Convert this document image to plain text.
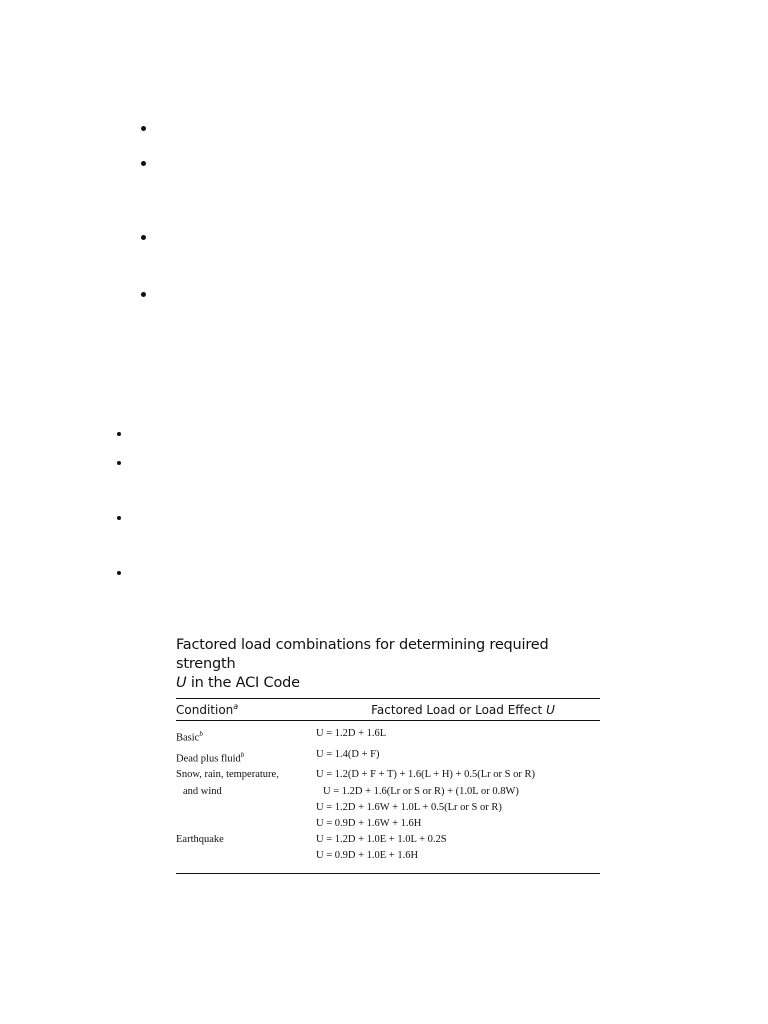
Factored load combinations for determining required strength
U in the ACI Code
Condition$^a$	Factored Load or Load Effect U
Basic$^b$	U = 1.2D + 1.6L
Dead plus fluid$^b$	U = 1.4(D + F)
Snow, rain, temperature,	U = 1.2(D + F + T) + 1.6(L + H) + 0.5(Lr or S or R)
and wind	U = 1.2D + 1.6(Lr or S or R) + (1.0L or 0.8W)
U = 1.2D + 1.6W + 1.0L + 0.5(Lr or S or R)
U = 0.9D + 1.6W + 1.6H
Earthquake	U = 1.2D + 1.0E + 1.0L + 0.2S
U = 0.9D + 1.0E + 1.6H
